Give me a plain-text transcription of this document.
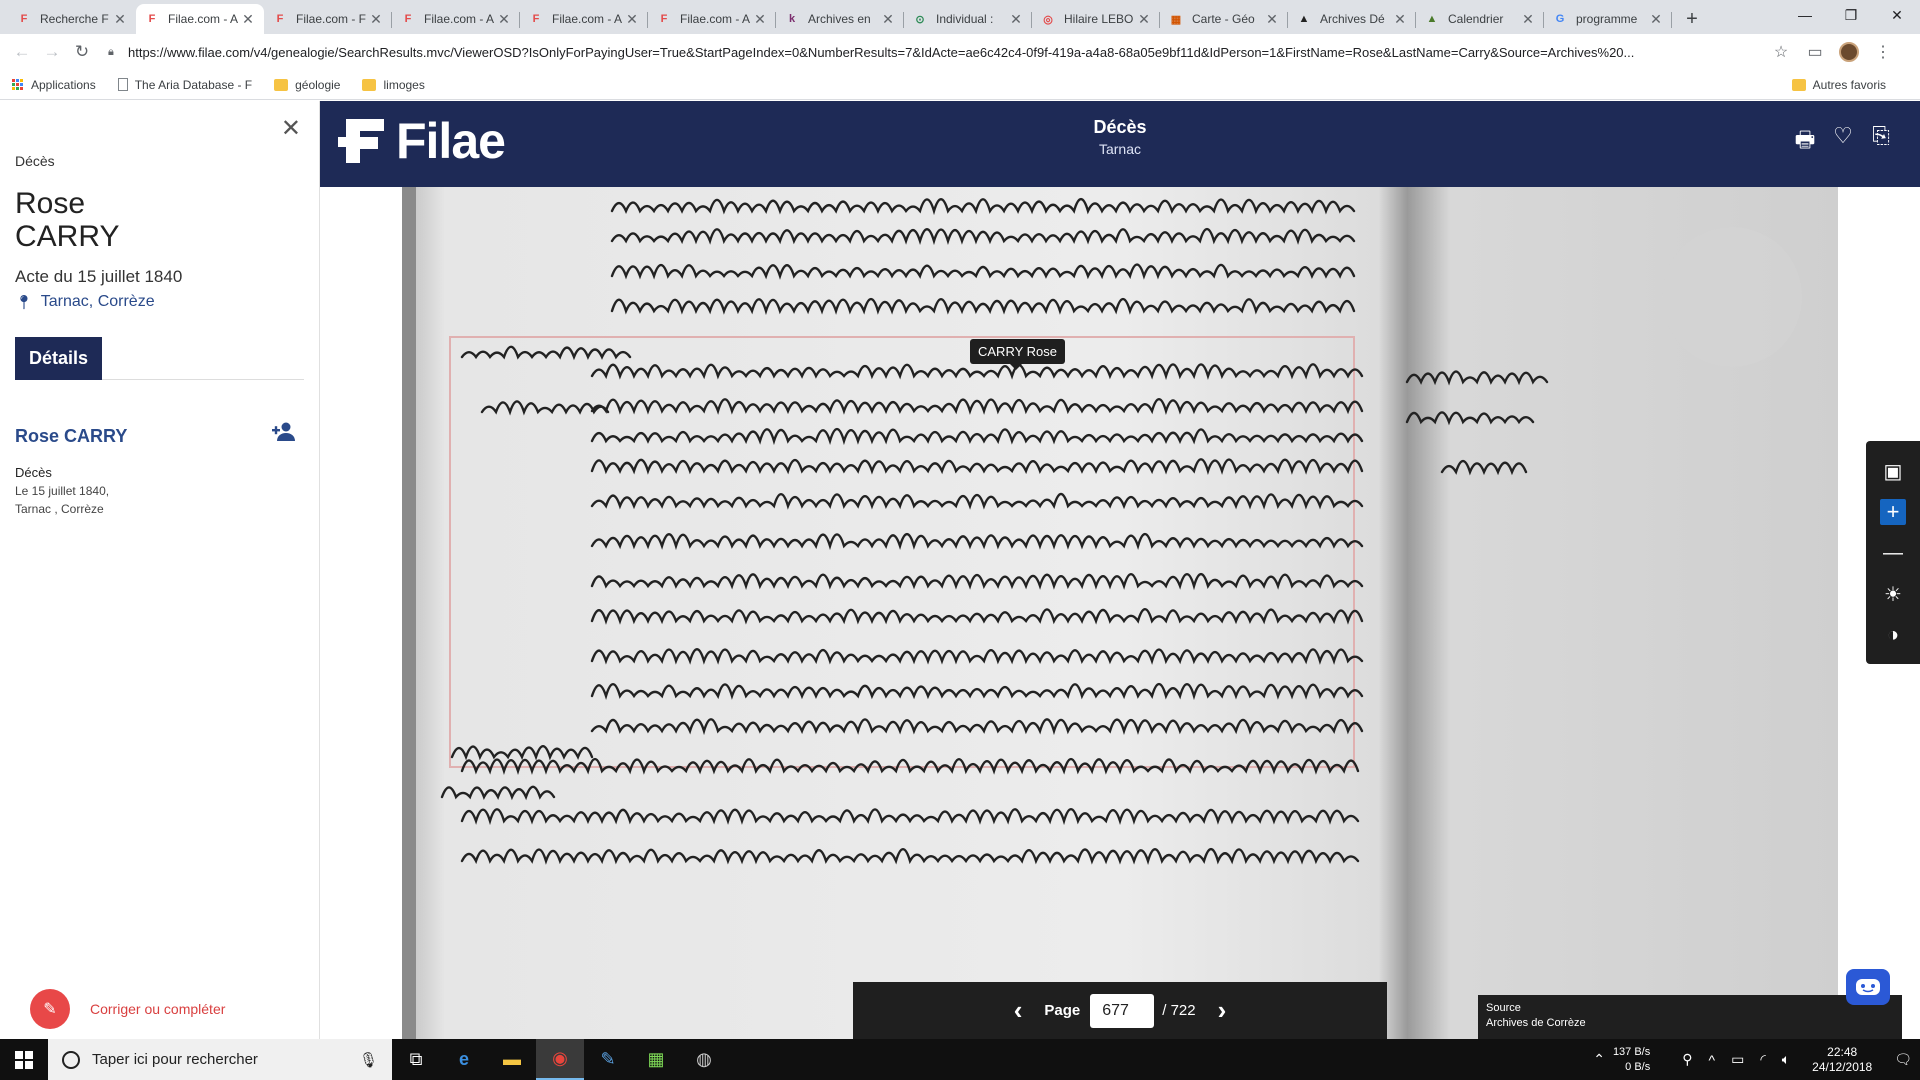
F	Recherche F ✕	F	Filae.com - A ✕	F	Filae.com - F ✕	F	Filae.com - A ✕	F	Filae.com - A ✕	F	Filae.com - A ✕	k	Archives en ✕	⊙ Individual :	✕ ◎ Hilaire LEBO ✕ ▦ Carte - Géo ✕ ▲ Archives Dé ✕ ▲ Calendrier	✕	G programme ✕	+	—	❐	✕
← → ↻	🔒︎	https://www.filae.com/v4/genealogie/SearchResults.mvc/ViewerOSD?IsOnlyForPayingUser=True&StartPageIndex=0&NumberResults=7&IdActe=ae6c42c4-0f9f-419a-a4a8-68a05e9bf11d&IdPerson=1&FirstName=Rose&LastName=Carry&Source=Archives%20...	☆	▭	⋮
Applications	The Aria Database - F	géologie	limoges	Autres favoris
✕
Décès
Rose
CARRY
Acte du 15 juillet 1840
📍︎ Tarnac, Corrèze
Détails
Rose CARRY
Décès
Le 15 juillet 1840,
Tarnac , Corrèze
✎	Corriger ou compléter
Filae	Décès
Tarnac	🖶︎ ♡ ⎘
CARRY Rose
▣
+
—
☀
◑
‹ Page	677	/ 722 ›	Source
Archives de Corrèze
Taper ici pour rechercher	🎙︎	⧉	e	▬	◉	✎	▦	◍	⌃ 137 B/s
0 B/s ⚲ ^ ▭ ◜ 🔈︎	22:48
24/12/2018 🗨︎
